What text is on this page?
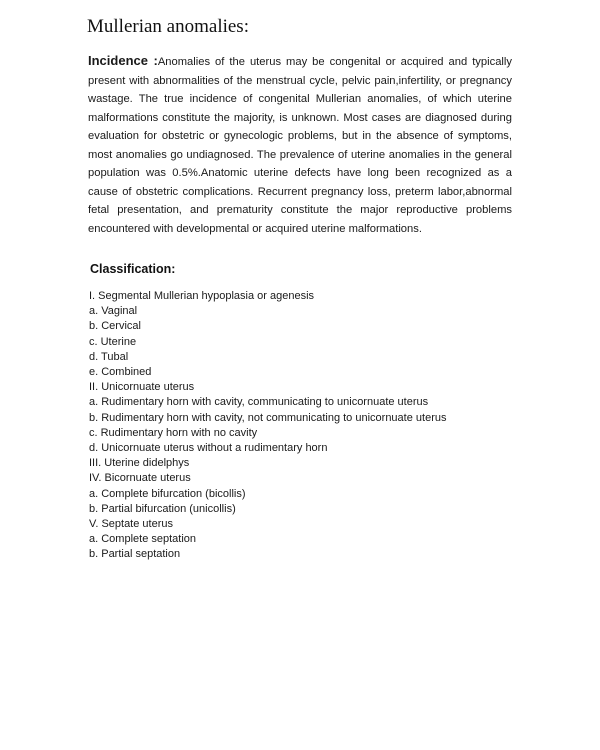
Mullerian anomalies:

Incidence :Anomalies of the uterus may be congenital or acquired and typically present with abnormalities of the menstrual cycle, pelvic pain,infertility, or pregnancy wastage. The true incidence of congenital Mullerian anomalies, of which uterine malformations constitute the majority, is unknown. Most cases are diagnosed during evaluation for obstetric or gynecologic problems, but in the absence of symptoms, most anomalies go undiagnosed. The prevalence of uterine anomalies in the general population was 0.5%.Anatomic uterine defects have long been recognized as a cause of obstetric complications. Recurrent pregnancy loss, preterm labor,abnormal fetal presentation, and prematurity constitute the major reproductive problems encountered with developmental or acquired uterine malformations.

Classification:
I. Segmental Mullerian hypoplasia or agenesis
a. Vaginal
b. Cervical
c. Uterine
d. Tubal
e. Combined
II. Unicornuate uterus
a. Rudimentary horn with cavity, communicating to unicornuate uterus
b. Rudimentary horn with cavity, not communicating to unicornuate uterus
c. Rudimentary horn with no cavity
d. Unicornuate uterus without a rudimentary horn
III. Uterine didelphys
IV. Bicornuate uterus
a. Complete bifurcation (bicollis)
b. Partial bifurcation (unicollis)
V. Septate uterus
a. Complete septation
b. Partial septation
